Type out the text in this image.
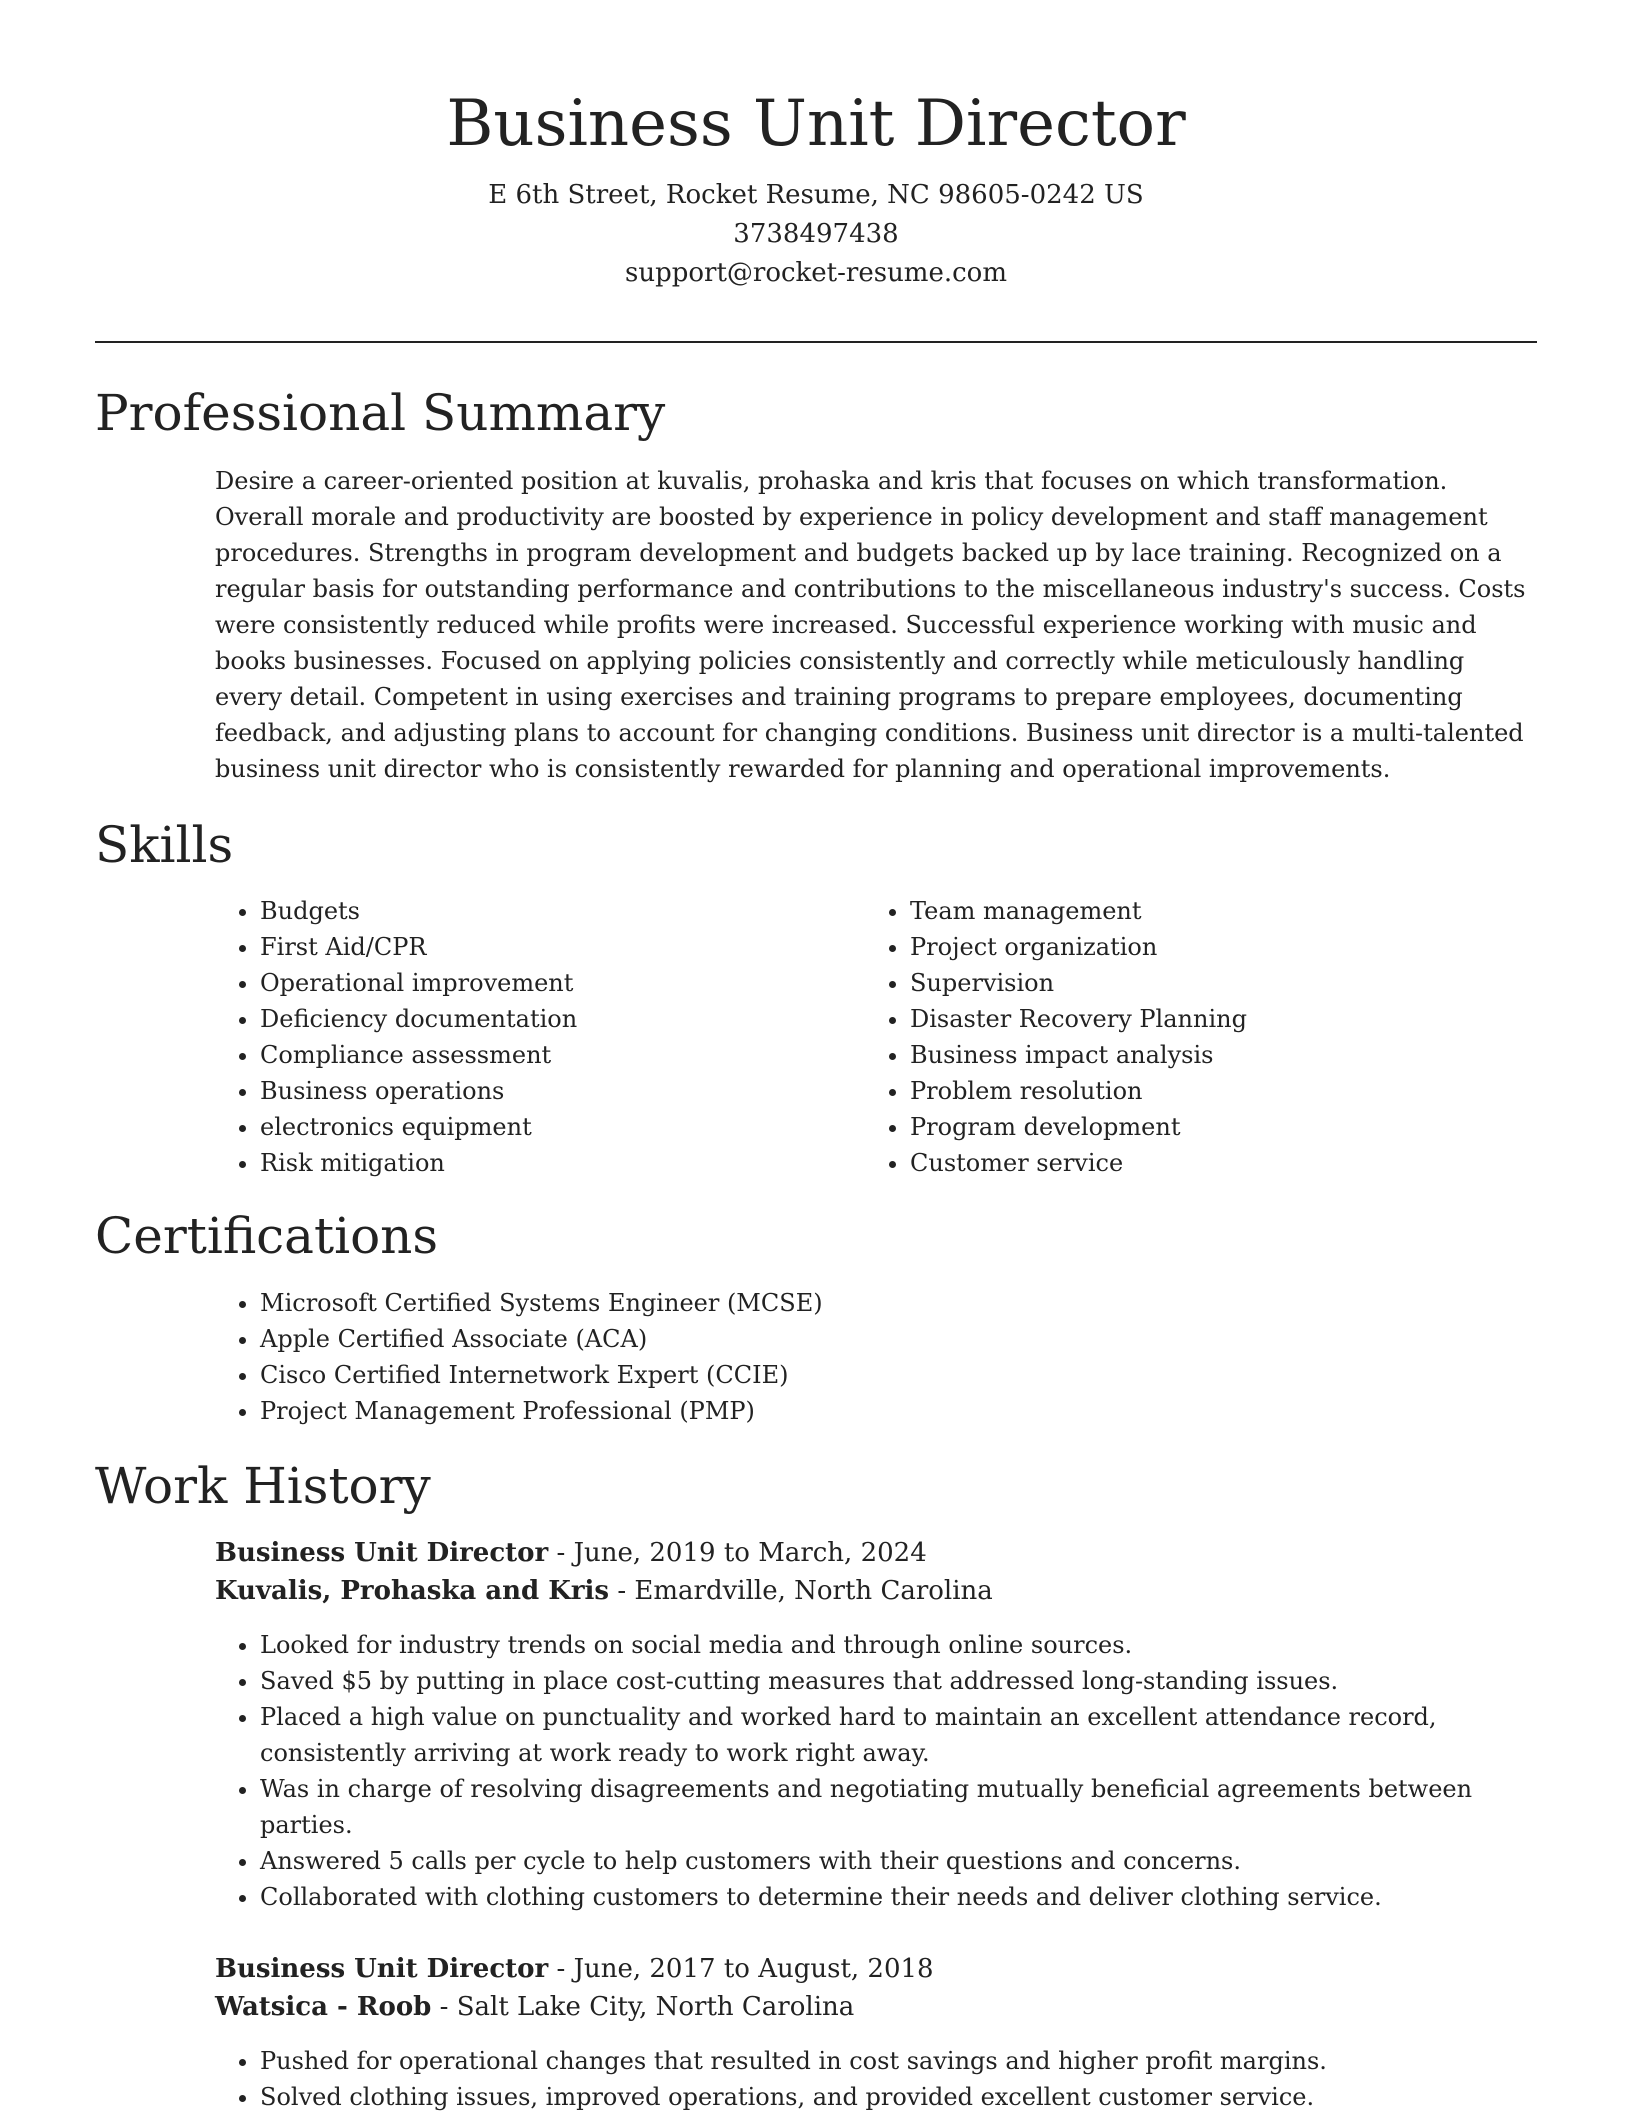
Business Unit Director

E 6th Street, Rocket Resume, NC 98605-0242 US

3738497438

support@rocket-resume.com

Professional Summary

Desire a career-oriented position at kuvalis, prohaska and kris that focuses on which transformation. Overall morale and productivity are boosted by experience in policy development and staff management procedures. Strengths in program development and budgets backed up by lace training. Recognized on a regular basis for outstanding performance and contributions to the miscellaneous industry's success. Costs were consistently reduced while profits were increased. Successful experience working with music and books businesses. Focused on applying policies consistently and correctly while meticulously handling every detail. Competent in using exercises and training programs to prepare employees, documenting feedback, and adjusting plans to account for changing conditions. Business unit director is a multi-talented business unit director who is consistently rewarded for planning and operational improvements.

Skills
• Budgets
• First Aid/CPR
• Operational improvement
• Deficiency documentation
• Compliance assessment
• Business operations
• electronics equipment
• Risk mitigation
• Team management
• Project organization
• Supervision
• Disaster Recovery Planning
• Business impact analysis
• Problem resolution
• Program development
• Customer service
Certifications
• Microsoft Certified Systems Engineer (MCSE)
• Apple Certified Associate (ACA)
• Cisco Certified Internetwork Expert (CCIE)
• Project Management Professional (PMP)
Work History
Business Unit Director - June, 2019 to March, 2024
Kuvalis, Prohaska and Kris - Emardville, North Carolina
• Looked for industry trends on social media and through online sources.
• Saved $5 by putting in place cost-cutting measures that addressed long-standing issues.
• Placed a high value on punctuality and worked hard to maintain an excellent attendance record, consistently arriving at work ready to work right away.
• Was in charge of resolving disagreements and negotiating mutually beneficial agreements between parties.
• Answered 5 calls per cycle to help customers with their questions and concerns.
• Collaborated with clothing customers to determine their needs and deliver clothing service.
Business Unit Director - June, 2017 to August, 2018
Watsica - Roob - Salt Lake City, North Carolina
• Pushed for operational changes that resulted in cost savings and higher profit margins.
• Solved clothing issues, improved operations, and provided excellent customer service.
